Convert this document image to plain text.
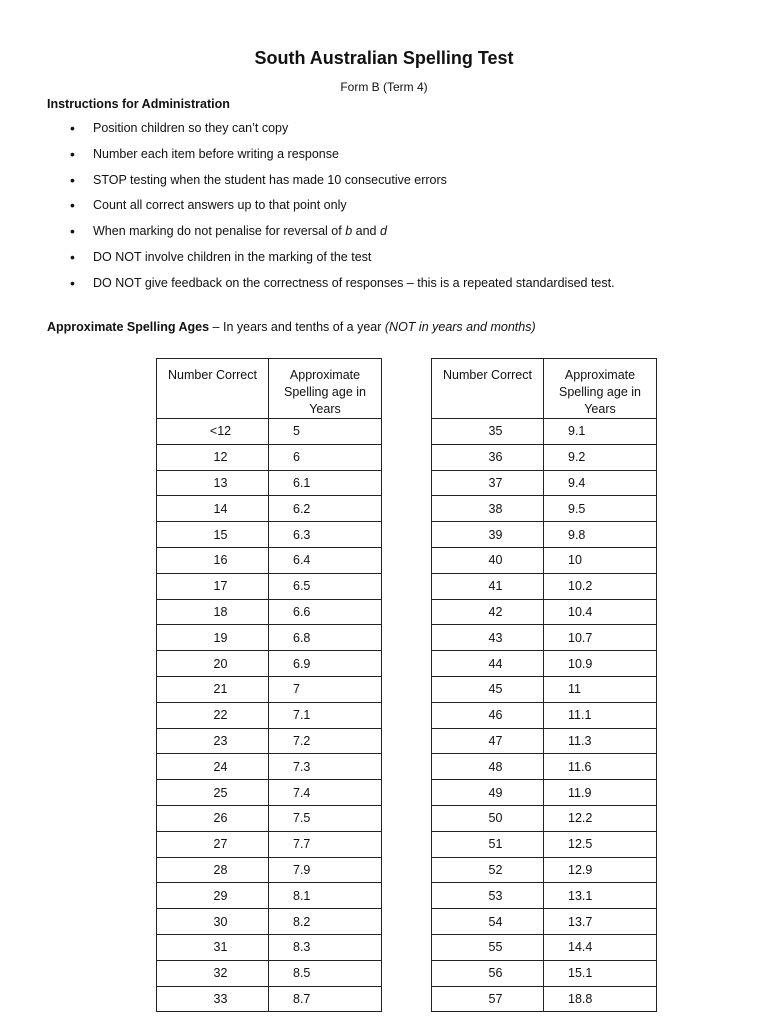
South Australian Spelling Test
Form B (Term 4)
Instructions for Administration
•	Position children so they can’t copy
•	Number each item before writing a response
•	STOP testing when the student has made 10 consecutive errors
•	Count all correct answers up to that point only
•	When marking do not penalise for reversal of b and d
•	DO NOT involve children in the marking of the test
•	DO NOT give feedback on the correctness of responses – this is a repeated standardised test.
Approximate Spelling Ages – In years and tenths of a year (NOT in years and months)
Number Correct	Approximate Spelling age in Years
<12	5
12	6
13	6.1
14	6.2
15	6.3
16	6.4
17	6.5
18	6.6
19	6.8
20	6.9
21	7
22	7.1
23	7.2
24	7.3
25	7.4
26	7.5
27	7.7
28	7.9
29	8.1
30	8.2
31	8.3
32	8.5
33	8.7
Number Correct	Approximate Spelling age in Years
35	9.1
36	9.2
37	9.4
38	9.5
39	9.8
40	10
41	10.2
42	10.4
43	10.7
44	10.9
45	11
46	11.1
47	11.3
48	11.6
49	11.9
50	12.2
51	12.5
52	12.9
53	13.1
54	13.7
55	14.4
56	15.1
57	18.8
